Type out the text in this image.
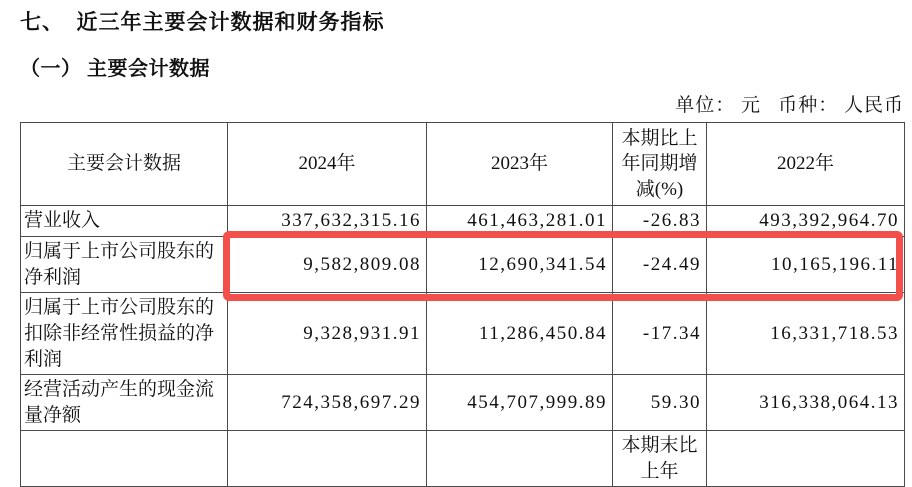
七、  近三年主要会计数据和财务指标
（一） 主要会计数据
单位： 元   币种： 人民币
主要会计数据	2024年	2023年	本期比上年同期增减(%)	2022年
营业收入	337,632,315.16	461,463,281.01	-26.83	493,392,964.70
归属于上市公司股东的净利润	9,582,809.08	12,690,341.54	-24.49	10,165,196.11
归属于上市公司股东的扣除非经常性损益的净利润	9,328,931.91	11,286,450.84	-17.34	16,331,718.53
经营活动产生的现金流量净额	724,358,697.29	454,707,999.89	59.30	316,338,064.13
			本期末比上年	
